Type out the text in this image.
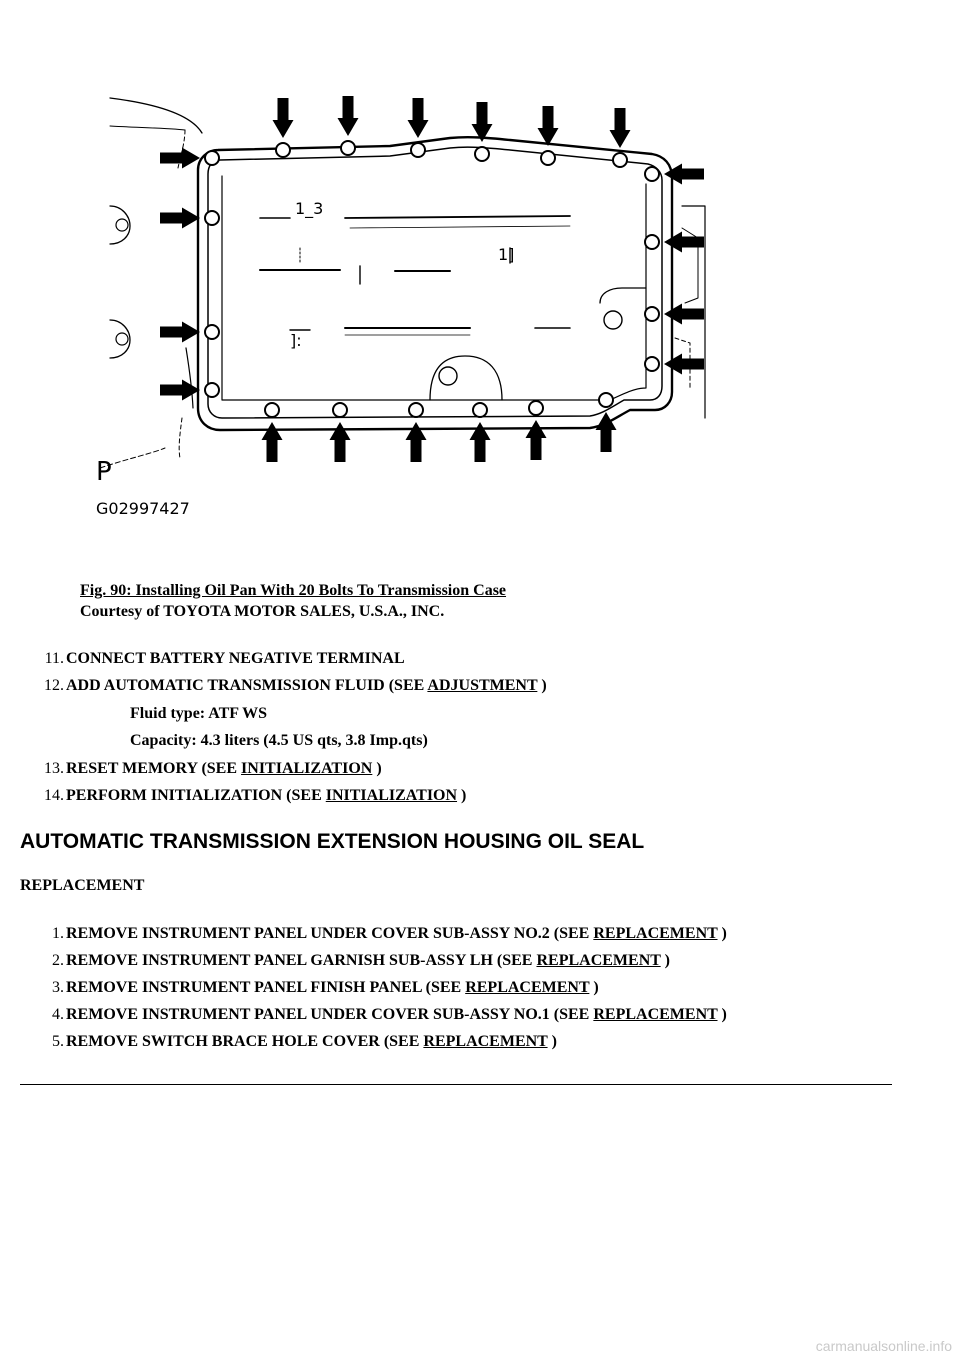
1_3
1]
]:
P
G02997427
Fig. 90: Installing Oil Pan With 20 Bolts To Transmission Case
Courtesy of TOYOTA MOTOR SALES, U.S.A., INC.
11. CONNECT BATTERY NEGATIVE TERMINAL
12. ADD AUTOMATIC TRANSMISSION FLUID (SEE ADJUSTMENT )
Fluid type: ATF WS
Capacity: 4.3 liters (4.5 US qts, 3.8 Imp.qts)
13. RESET MEMORY (SEE INITIALIZATION )
14. PERFORM INITIALIZATION (SEE INITIALIZATION )
AUTOMATIC TRANSMISSION EXTENSION HOUSING OIL SEAL
REPLACEMENT
1. REMOVE INSTRUMENT PANEL UNDER COVER SUB-ASSY NO.2 (SEE REPLACEMENT )
2. REMOVE INSTRUMENT PANEL GARNISH SUB-ASSY LH (SEE REPLACEMENT )
3. REMOVE INSTRUMENT PANEL FINISH PANEL (SEE REPLACEMENT )
4. REMOVE INSTRUMENT PANEL UNDER COVER SUB-ASSY NO.1 (SEE REPLACEMENT )
5. REMOVE SWITCH BRACE HOLE COVER (SEE REPLACEMENT )
carmanualsonline.info
